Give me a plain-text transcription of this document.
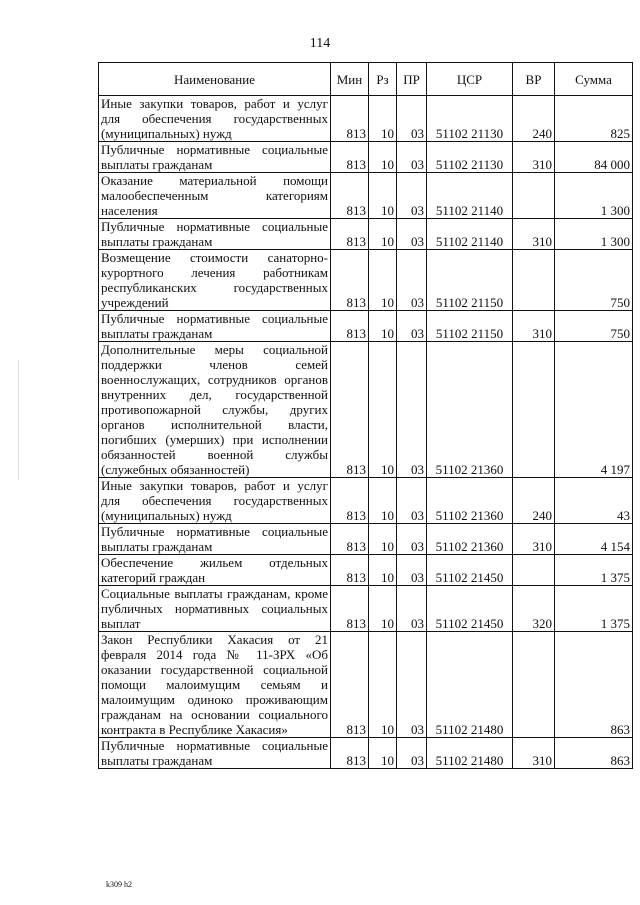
114
Наименование	Мин	Рз	ПР	ЦСР	ВР	Сумма
Иные закупки товаров, работ и услуг для обеспечения государственных (муниципальных) нужд	813	10	03	51102 21130	240	825
Публичные нормативные социальные выплаты гражданам	813	10	03	51102 21130	310	84 000
Оказание материальной помощи малообеспеченным категориям населения	813	10	03	51102 21140		1 300
Публичные нормативные социальные выплаты гражданам	813	10	03	51102 21140	310	1 300
Возмещение стоимости санаторно-курортного лечения работникам республиканских государственных учреждений	813	10	03	51102 21150		750
Публичные нормативные социальные выплаты гражданам	813	10	03	51102 21150	310	750
Дополнительные меры социальной поддержки членов семей военнослужащих, сотрудников органов внутренних дел, государственной противопожарной службы, других органов исполнительной власти, погибших (умерших) при исполнении обязанностей военной службы (служебных обязанностей)	813	10	03	51102 21360		4 197
Иные закупки товаров, работ и услуг для обеспечения государственных (муниципальных) нужд	813	10	03	51102 21360	240	43
Публичные нормативные социальные выплаты гражданам	813	10	03	51102 21360	310	4 154
Обеспечение жильем отдельных категорий граждан	813	10	03	51102 21450		1 375
Социальные выплаты гражданам, кроме публичных нормативных социальных выплат	813	10	03	51102 21450	320	1 375
Закон Республики Хакасия от 21 февраля 2014 года № 11-ЗРХ «Об оказании государственной социальной помощи малоимущим семьям и малоимущим одиноко проживающим гражданам на основании социального контракта в Республике Хакасия»	813	10	03	51102 21480		863
Публичные нормативные социальные выплаты гражданам	813	10	03	51102 21480	310	863
k309 h2
